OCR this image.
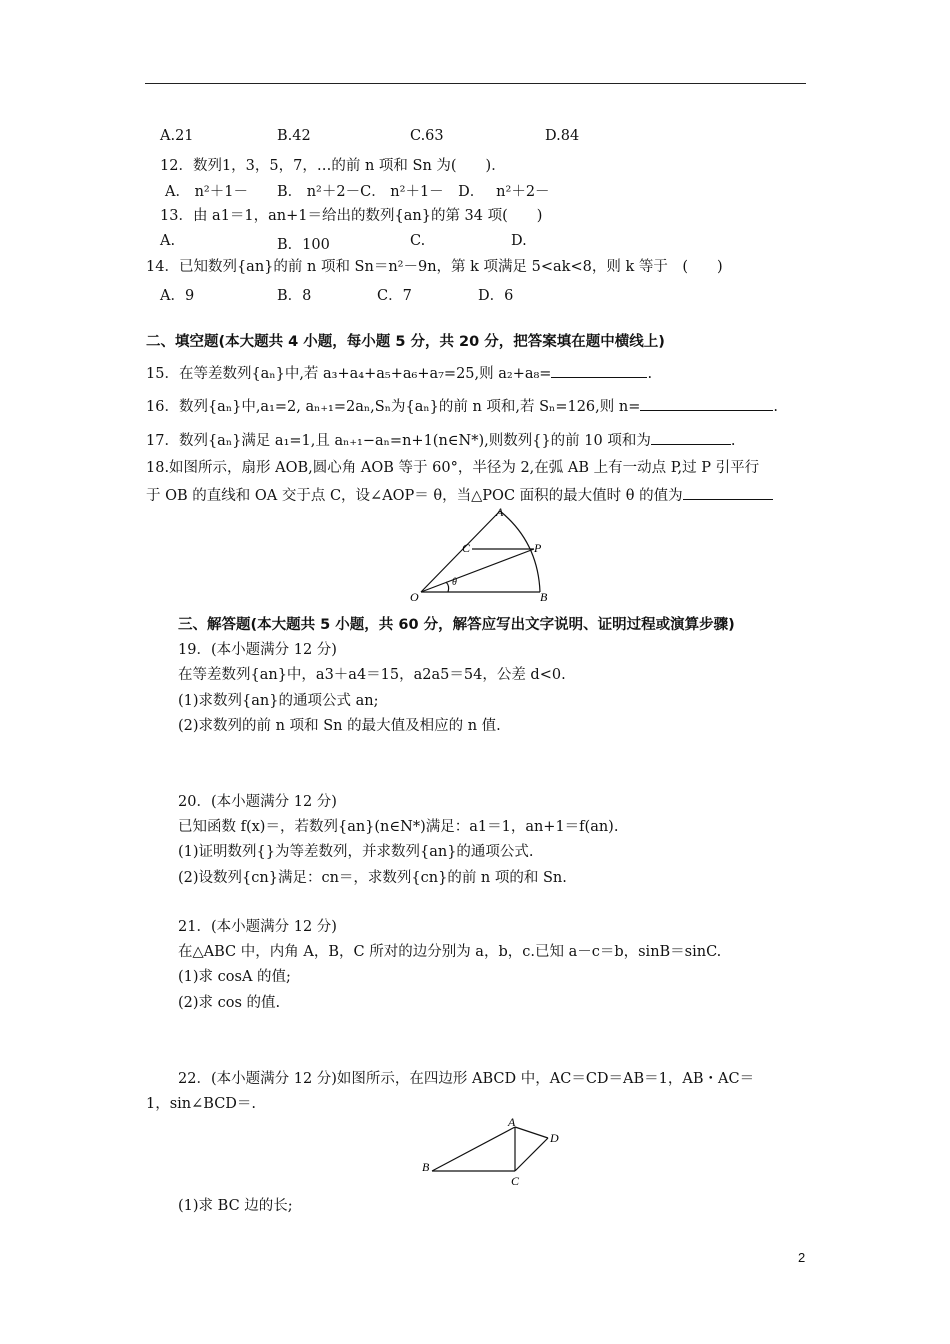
A.21	B.42	C.63	D.84
12．数列1，3，5，7，…的前 n 项和 Sn 为(　　)．
A． n²＋1－　　B． n²＋2－C． n²＋1－　D．　 n²＋2－
13．由 a1＝1，an+1＝给出的数列{an}的第 34 项(　　)
A.	B．100	C.	D.
14．已知数列{an}的前 n 项和 Sn＝n²－9n，第 k 项满足 5<ak<8，则 k 等于　(　　)
A．9	B．8	C．7	D．6
二、填空题(本大题共 4 小题，每小题 5 分，共 20 分，把答案填在题中横线上)
15．在等差数列{aₙ}中,若 a₃+a₄+a₅+a₆+a₇=25,则 a₂+a₈=	.
16．数列{aₙ}中,a₁=2, aₙ₊₁=2aₙ,Sₙ为{aₙ}的前 n 项和,若 Sₙ=126,则 n=	.
17．数列{aₙ}满足 a₁=1,且 aₙ₊₁−aₙ=n+1(n∈N*),则数列{}的前 10 项和为	.
18.如图所示，扇形 AOB,圆心角 AOB 等于 60°，半径为 2,在弧 AB 上有一动点 P,过 P 引平行
于 OB 的直线和 OA 交于点 C，设∠AOP＝ θ，当△POC 面积的最大值时 θ 的值为
A
C	P
O	B
θ
三、解答题(本大题共 5 小题，共 60 分，解答应写出文字说明、证明过程或演算步骤)
19．(本小题满分 12 分)
在等差数列{an}中，a3＋a4＝15，a2a5＝54，公差 d<0.
(1)求数列{an}的通项公式 an;
(2)求数列的前 n 项和 Sn 的最大值及相应的 n 值.
20．(本小题满分 12 分)
已知函数 f(x)＝，若数列{an}(n∈N*)满足：a1＝1，an+1＝f(an).
(1)证明数列{}为等差数列，并求数列{an}的通项公式.
(2)设数列{cn}满足：cn＝，求数列{cn}的前 n 项的和 Sn.
21．(本小题满分 12 分)
在△ABC 中，内角 A，B，C 所对的边分别为 a，b，c.已知 a－c＝b，sinB＝sinC.
(1)求 cosA 的值;
(2)求 cos 的值.
22．(本小题满分 12 分)如图所示，在四边形 ABCD 中，AC＝CD＝AB＝1，AB・AC＝
1，sin∠BCD＝.
A
B
C
D
(1)求 BC 边的长;
2
